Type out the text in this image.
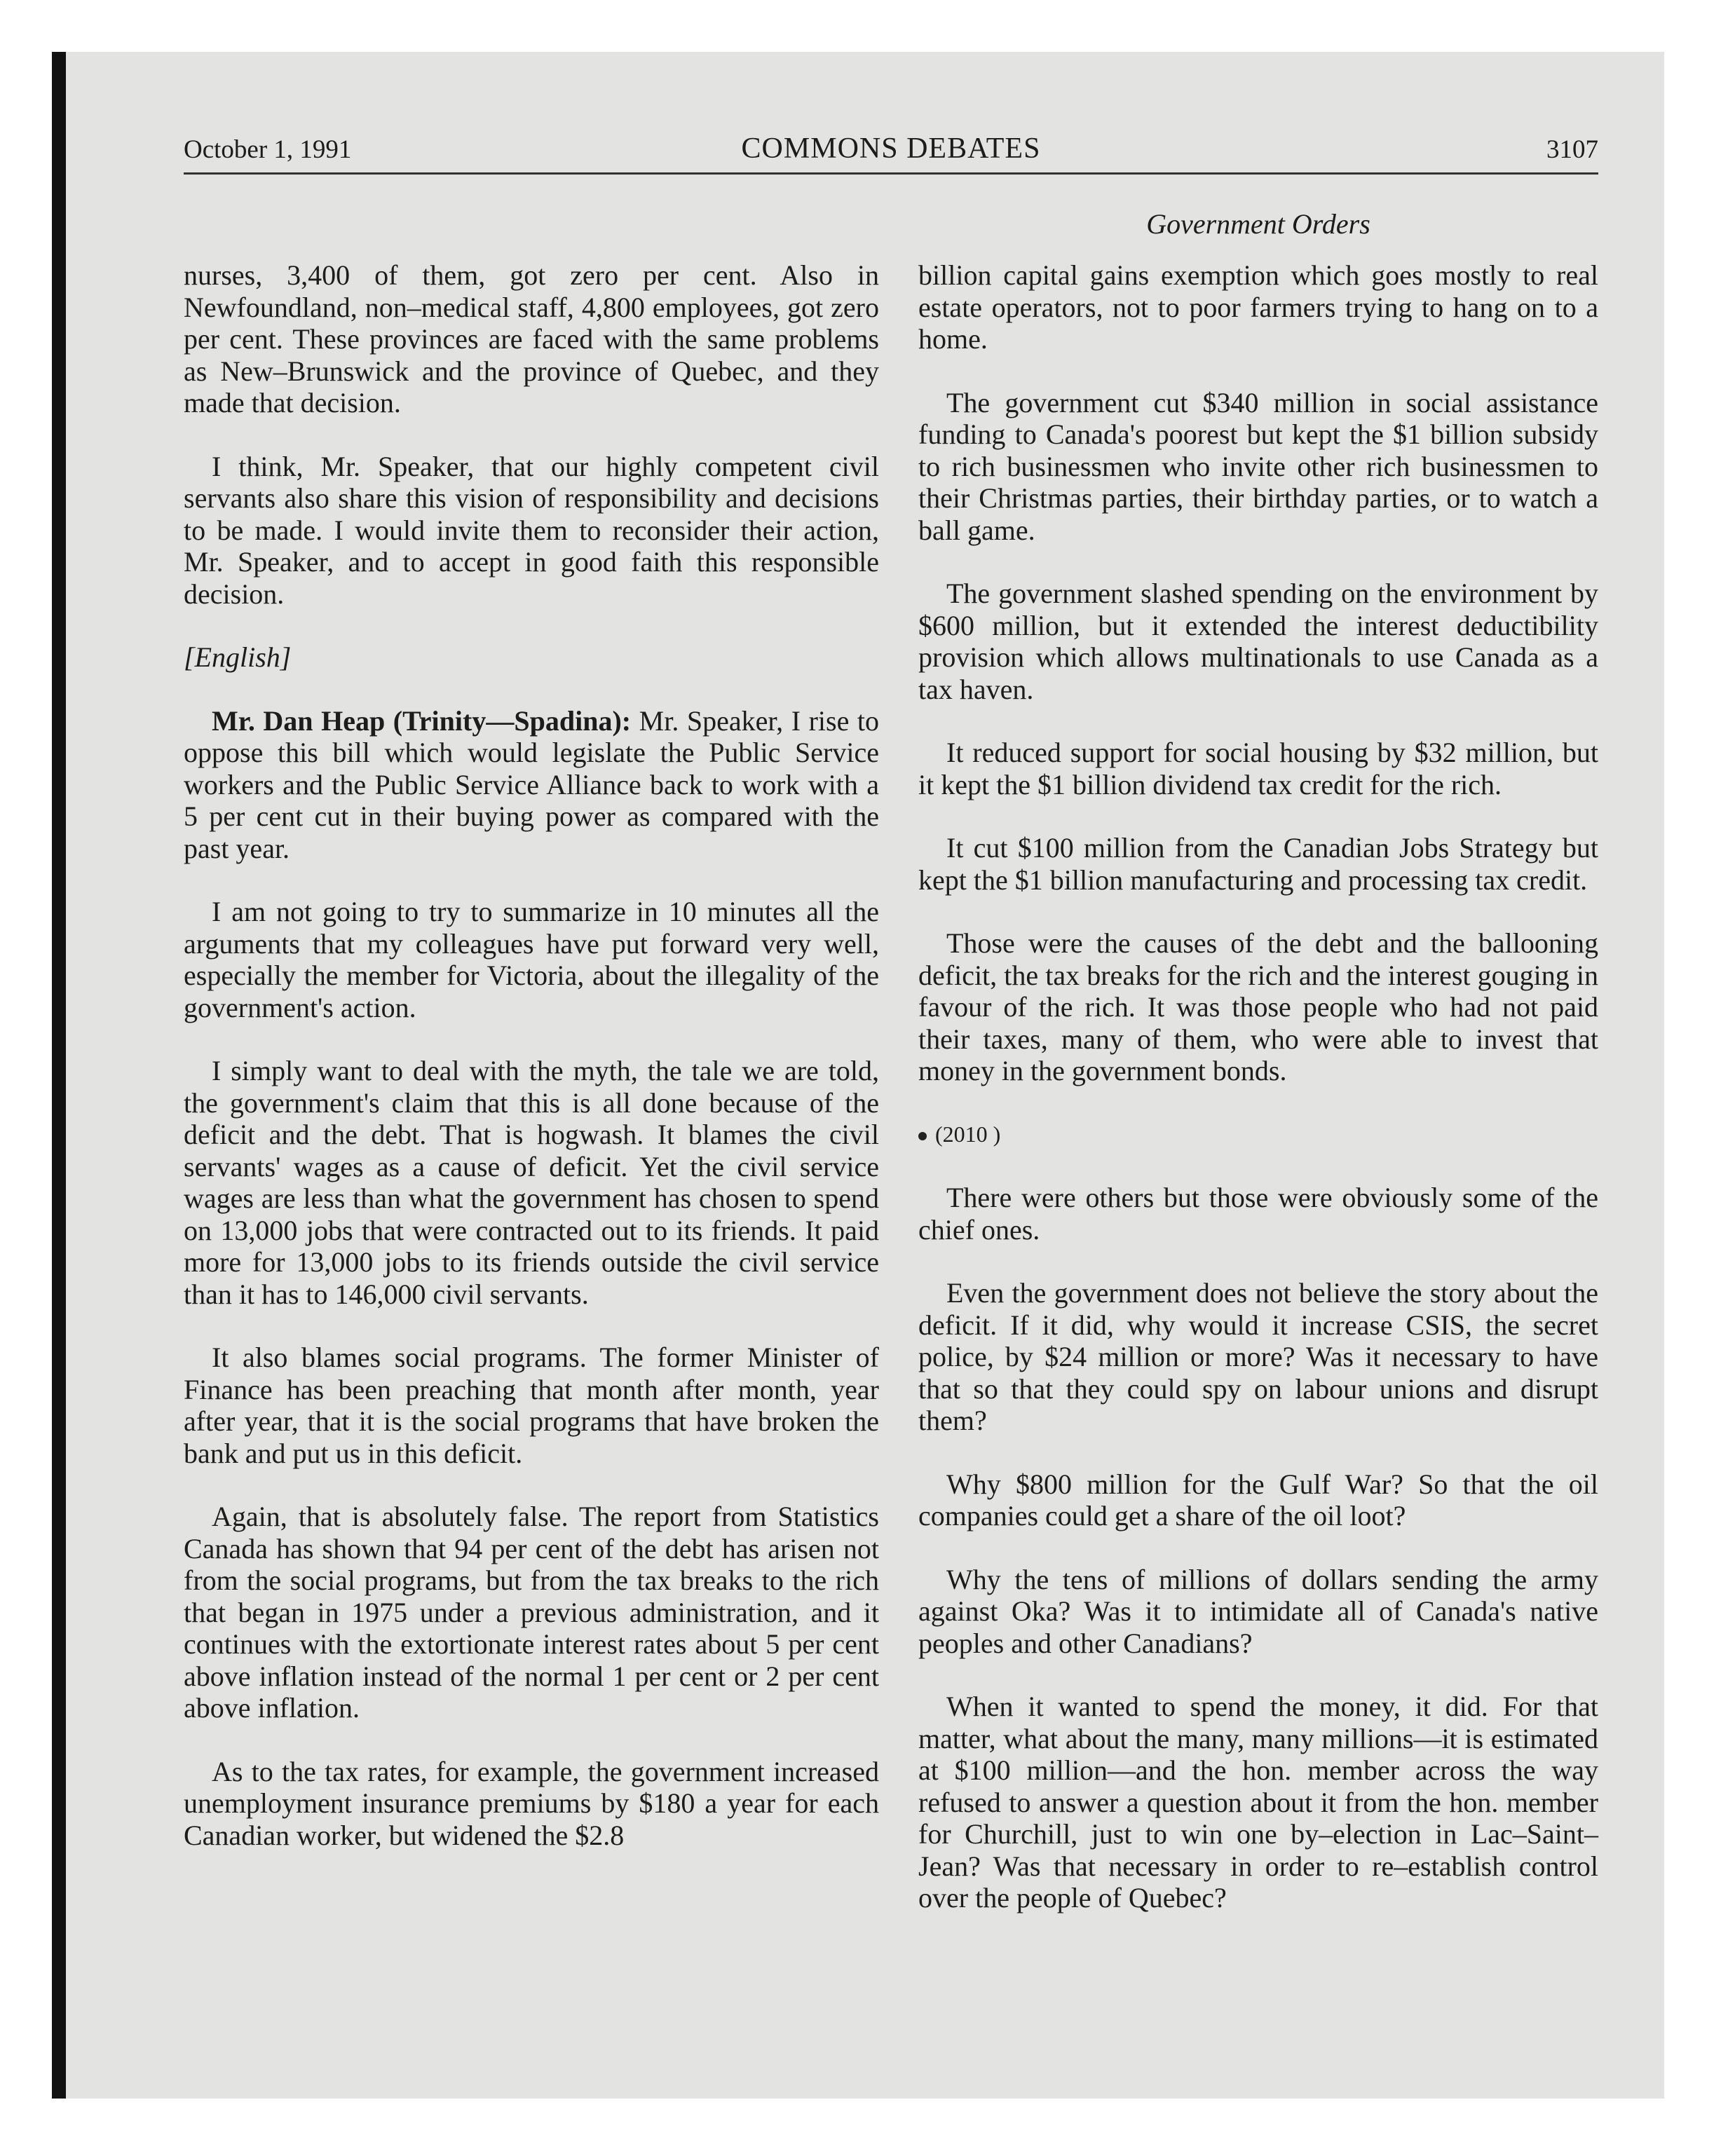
October 1, 1991	COMMONS DEBATES	3107
Government Orders

nurses, 3,400 of them, got zero per cent. Also in Newfoundland, non–medical staff, 4,800 employees, got zero per cent. These provinces are faced with the same problems as New–Brunswick and the province of Quebec, and they made that decision.

I think, Mr. Speaker, that our highly competent civil servants also share this vision of responsibility and decisions to be made. I would invite them to reconsider their action, Mr. Speaker, and to accept in good faith this responsible decision.

[English]

Mr. Dan Heap (Trinity—Spadina): Mr. Speaker, I rise to oppose this bill which would legislate the Public Service workers and the Public Service Alliance back to work with a 5 per cent cut in their buying power as compared with the past year.

I am not going to try to summarize in 10 minutes all the arguments that my colleagues have put forward very well, especially the member for Victoria, about the illegality of the government's action.

I simply want to deal with the myth, the tale we are told, the government's claim that this is all done because of the deficit and the debt. That is hogwash. It blames the civil servants' wages as a cause of deficit. Yet the civil service wages are less than what the government has chosen to spend on 13,000 jobs that were contracted out to its friends. It paid more for 13,000 jobs to its friends outside the civil service than it has to 146,000 civil servants.

It also blames social programs. The former Minister of Finance has been preaching that month after month, year after year, that it is the social programs that have broken the bank and put us in this deficit.

Again, that is absolutely false. The report from Statistics Canada has shown that 94 per cent of the debt has arisen not from the social programs, but from the tax breaks to the rich that began in 1975 under a previous administration, and it continues with the extortionate interest rates about 5 per cent above inflation instead of the normal 1 per cent or 2 per cent above inflation.

As to the tax rates, for example, the government increased unemployment insurance premiums by $180 a year for each Canadian worker, but widened the $2.8

billion capital gains exemption which goes mostly to real estate operators, not to poor farmers trying to hang on to a home.

The government cut $340 million in social assistance funding to Canada's poorest but kept the $1 billion subsidy to rich businessmen who invite other rich businessmen to their Christmas parties, their birthday parties, or to watch a ball game.

The government slashed spending on the environment by $600 million, but it extended the interest deductibility provision which allows multinationals to use Canada as a tax haven.

It reduced support for social housing by $32 million, but it kept the $1 billion dividend tax credit for the rich.

It cut $100 million from the Canadian Jobs Strategy but kept the $1 billion manufacturing and processing tax credit.

Those were the causes of the debt and the ballooning deficit, the tax breaks for the rich and the interest gouging in favour of the rich. It was those people who had not paid their taxes, many of them, who were able to invest that money in the government bonds.

(2010 )

There were others but those were obviously some of the chief ones.

Even the government does not believe the story about the deficit. If it did, why would it increase CSIS, the secret police, by $24 million or more? Was it necessary to have that so that they could spy on labour unions and disrupt them?

Why $800 million for the Gulf War? So that the oil companies could get a share of the oil loot?

Why the tens of millions of dollars sending the army against Oka? Was it to intimidate all of Canada's native peoples and other Canadians?

When it wanted to spend the money, it did. For that matter, what about the many, many millions—it is estimated at $100 million—and the hon. member across the way refused to answer a question about it from the hon. member for Churchill, just to win one by–election in Lac–Saint–Jean? Was that necessary in order to re–establish control over the people of Quebec?
